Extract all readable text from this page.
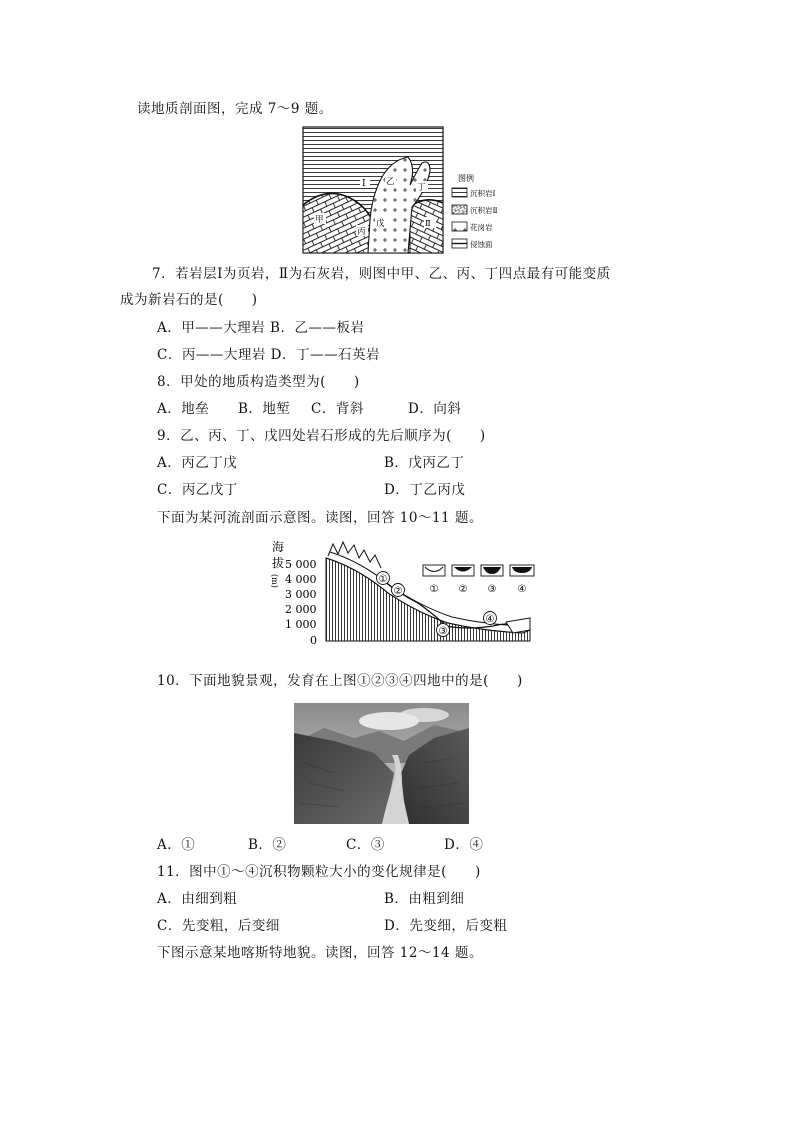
读地质剖面图，完成 7～9 题。
Ⅰ
甲
乙
戊
丙
丁
Ⅱ
图例
沉积岩Ⅰ
沉积岩Ⅱ
花岗岩
侵蚀面
7．若岩层Ⅰ为页岩，Ⅱ为石灰岩，则图中甲、乙、丙、丁四点最有可能变质
成为新岩石的是(　　)
A．甲——大理岩 B．乙——板岩
C．丙——大理岩 D．丁——石英岩
8．甲处的地质构造类型为(　　)
A．地垒 B．地堑 C．背斜	D．向斜
9．乙、丙、丁、戊四处岩石形成的先后顺序为(　　)
A．丙乙丁戊	B．戊丙乙丁
C．丙乙戊丁	D．丁乙丙戊
下面为某河流剖面示意图。读图，回答 10～11 题。
海
拔
(m)
5 000
4 000
3 000
2 000
1 000
0
①
②
③
④
① ② ③ ④
10．下面地貌景观，发育在上图①②③④四地中的是(　　)
A．①	B．②	C．③	D．④
11．图中①～④沉积物颗粒大小的变化规律是(　　)
A．由细到粗	B．由粗到细
C．先变粗，后变细	D．先变细，后变粗
下图示意某地喀斯特地貌。读图，回答 12～14 题。
